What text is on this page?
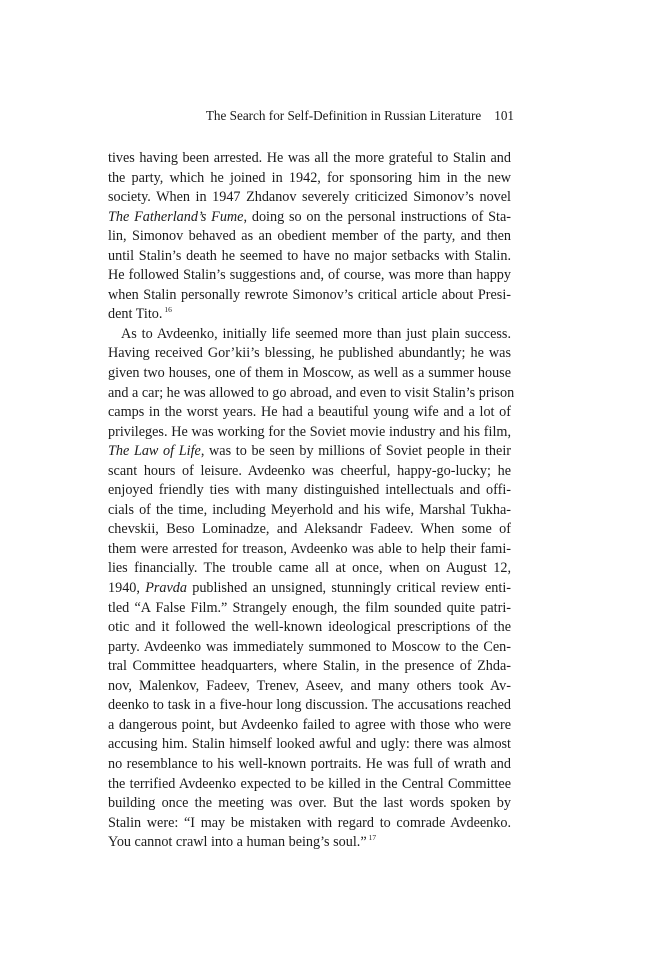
The Search for Self-Definition in Russian Literature 101
tives having been arrested. He was all the more grateful to Stalin and
the party, which he joined in 1942, for sponsoring him in the new
society. When in 1947 Zhdanov severely criticized Simonov’s novel
The Fatherland’s Fume, doing so on the personal instructions of Sta-
lin, Simonov behaved as an obedient member of the party, and then
until Stalin’s death he seemed to have no major setbacks with Stalin.
He followed Stalin’s suggestions and, of course, was more than happy
when Stalin personally rewrote Simonov’s critical article about Presi-
dent Tito. $^{16}$
As to Avdeenko, initially life seemed more than just plain success.
Having received Gor’kii’s blessing, he published abundantly; he was
given two houses, one of them in Moscow, as well as a summer house
and a car; he was allowed to go abroad, and even to visit Stalin’s prison
camps in the worst years. He had a beautiful young wife and a lot of
privileges. He was working for the Soviet movie industry and his film,
The Law of Life, was to be seen by millions of Soviet people in their
scant hours of leisure. Avdeenko was cheerful, happy-go-lucky; he
enjoyed friendly ties with many distinguished intellectuals and offi-
cials of the time, including Meyerhold and his wife, Marshal Tukha-
chevskii, Beso Lominadze, and Aleksandr Fadeev. When some of
them were arrested for treason, Avdeenko was able to help their fami-
lies financially. The trouble came all at once, when on August 12,
1940, Pravda published an unsigned, stunningly critical review enti-
tled “A False Film.” Strangely enough, the film sounded quite patri-
otic and it followed the well-known ideological prescriptions of the
party. Avdeenko was immediately summoned to Moscow to the Cen-
tral Committee headquarters, where Stalin, in the presence of Zhda-
nov, Malenkov, Fadeev, Trenev, Aseev, and many others took Av-
deenko to task in a five-hour long discussion. The accusations reached
a dangerous point, but Avdeenko failed to agree with those who were
accusing him. Stalin himself looked awful and ugly: there was almost
no resemblance to his well-known portraits. He was full of wrath and
the terrified Avdeenko expected to be killed in the Central Committee
building once the meeting was over. But the last words spoken by
Stalin were: “I may be mistaken with regard to comrade Avdeenko.
You cannot crawl into a human being’s soul.” $^{17}$
